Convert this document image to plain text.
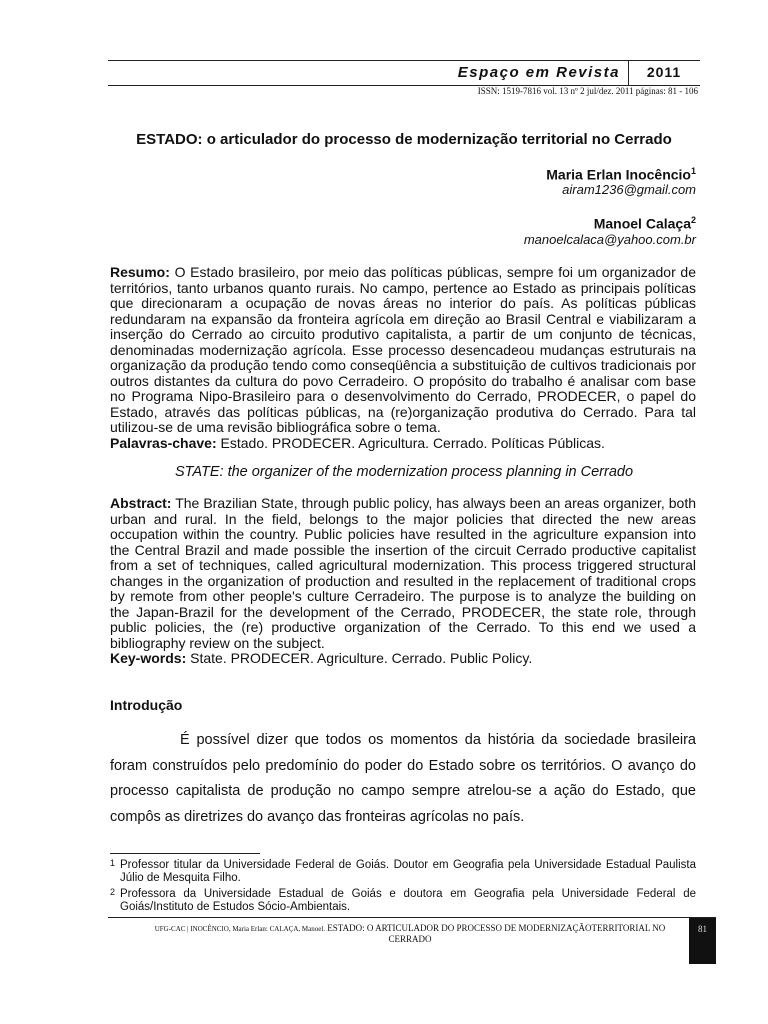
Espaço em Revista	2011
ISSN: 1519-7816 vol. 13 nº 2 jul/dez. 2011 páginas: 81 - 106
ESTADO: o articulador do processo de modernização territorial no Cerrado
Maria Erlan Inocêncio$^1$
airam1236@gmail.com
Manoel Calaça$^2$
manoelcalaca@yahoo.com.br
Resumo: O Estado brasileiro, por meio das políticas públicas, sempre foi um organizador de territórios, tanto urbanos quanto rurais. No campo, pertence ao Estado as principais políticas que direcionaram a ocupação de novas áreas no interior do país. As políticas públicas redundaram na expansão da fronteira agrícola em direção ao Brasil Central e viabilizaram a inserção do Cerrado ao circuito produtivo capitalista, a partir de um conjunto de técnicas, denominadas modernização agrícola. Esse processo desencadeou mudanças estruturais na organização da produção tendo como conseqüência a substituição de cultivos tradicionais por outros distantes da cultura do povo Cerradeiro. O propósito do trabalho é analisar com base no Programa Nipo-Brasileiro para o desenvolvimento do Cerrado, PRODECER, o papel do Estado, através das políticas públicas, na (re)organização produtiva do Cerrado. Para tal utilizou-se de uma revisão bibliográfica sobre o tema.
Palavras-chave: Estado. PRODECER. Agricultura. Cerrado. Políticas Públicas.
STATE: the organizer of the modernization process planning in Cerrado
Abstract: The Brazilian State, through public policy, has always been an areas organizer, both urban and rural. In the field, belongs to the major policies that directed the new areas occupation within the country. Public policies have resulted in the agriculture expansion into the Central Brazil and made possible the insertion of the circuit Cerrado productive capitalist from a set of techniques, called agricultural modernization. This process triggered structural changes in the organization of production and resulted in the replacement of traditional crops by remote from other people's culture Cerradeiro. The purpose is to analyze the building on the Japan-Brazil for the development of the Cerrado, PRODECER, the state role, through public policies, the (re) productive organization of the Cerrado. To this end we used a bibliography review on the subject.
Key-words: State. PRODECER. Agriculture. Cerrado. Public Policy.
Introdução
É possível dizer que todos os momentos da história da sociedade brasileira foram construídos pelo predomínio do poder do Estado sobre os territórios. O avanço do processo capitalista de produção no campo sempre atrelou-se a ação do Estado, que compôs as diretrizes do avanço das fronteiras agrícolas no país.
1 Professor titular da Universidade Federal de Goiás. Doutor em Geografia pela Universidade Estadual Paulista Júlio de Mesquita Filho.
2 Professora da Universidade Estadual de Goiás e doutora em Geografia pela Universidade Federal de Goiás/Instituto de Estudos Sócio-Ambientais.
UFG-CAC | INOCÊNCIO, Maria Erlan: CALAÇA, Manoel. ESTADO: O ARTICULADOR DO PROCESSO DE MODERNIZAÇÃOTERRITORIAL NO CERRADO
81
